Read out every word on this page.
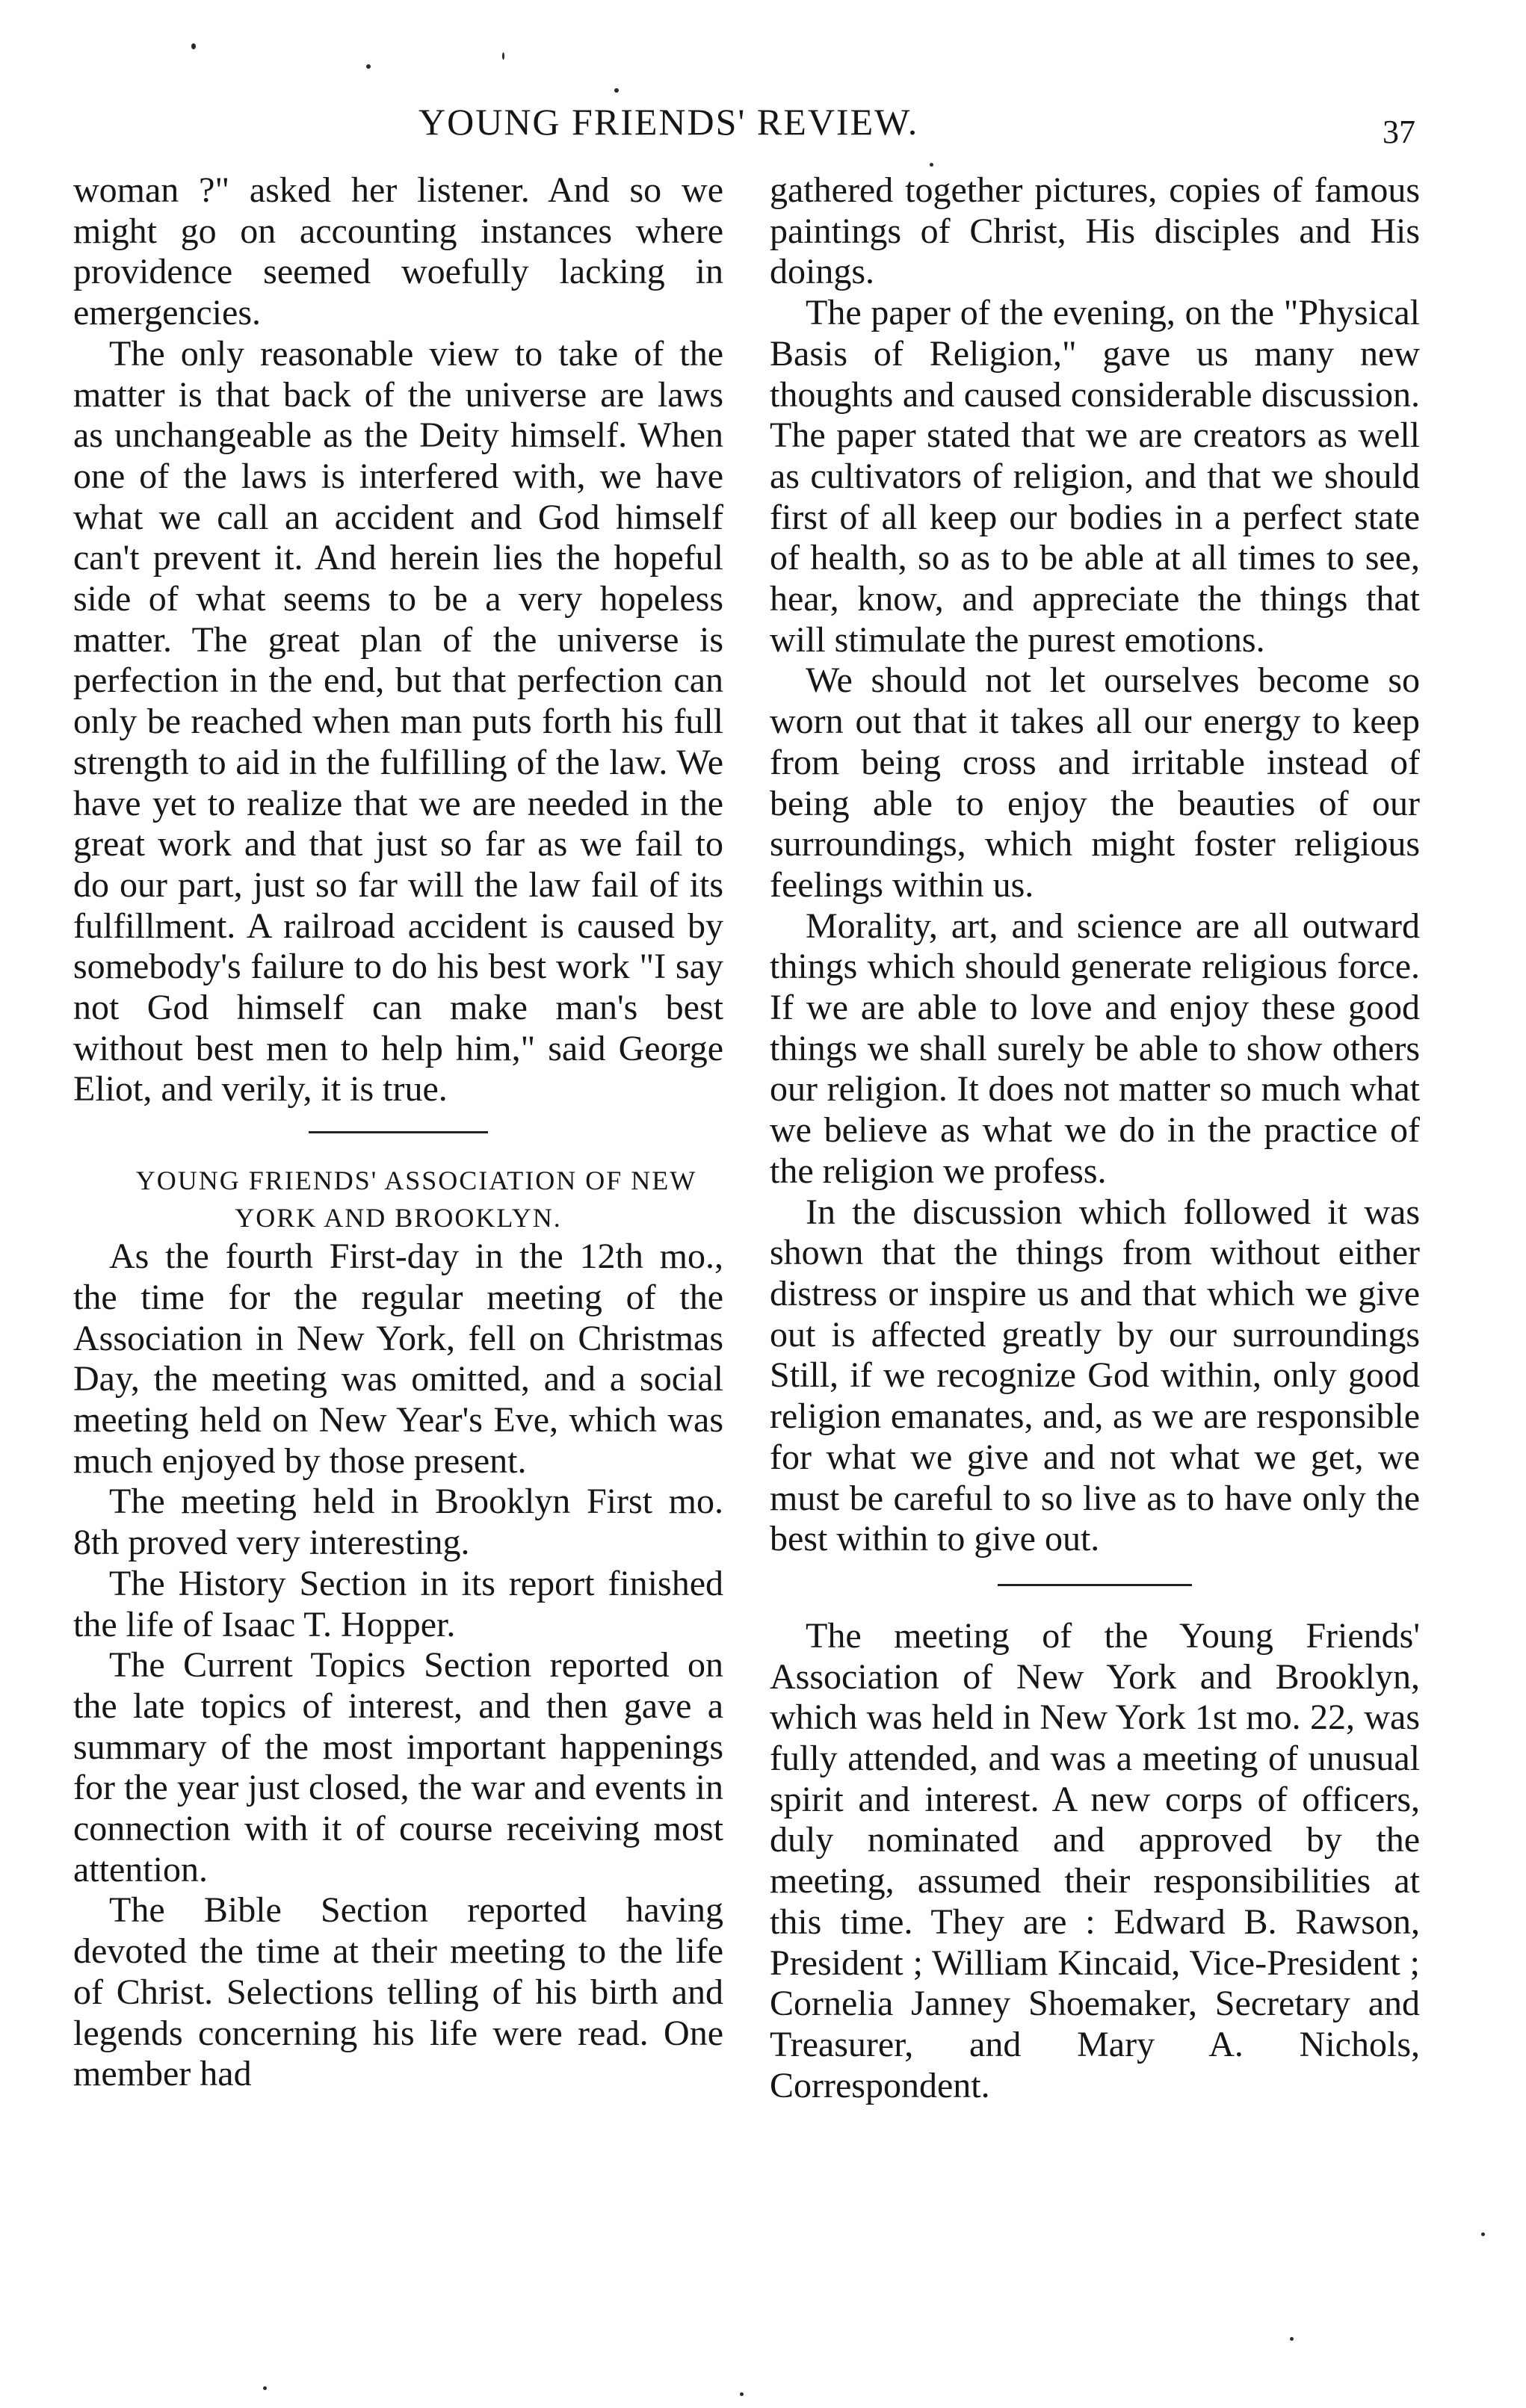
YOUNG FRIENDS' REVIEW.	37

woman ?" asked her listener. And so we might go on accounting instances where providence seemed woefully lacking in emergencies.

The only reasonable view to take of the matter is that back of the universe are laws as unchangeable as the Deity himself. When one of the laws is interfered with, we have what we call an accident and God himself can't prevent it. And herein lies the hopeful side of what seems to be a very hopeless matter. The great plan of the universe is perfection in the end, but that perfection can only be reached when man puts forth his full strength to aid in the fulfilling of the law. We have yet to realize that we are needed in the great work and that just so far as we fail to do our part, just so far will the law fail of its fulfillment. A railroad accident is caused by somebody's failure to do his best work "I say not God himself can make man's best without best men to help him," said George Eliot, and verily, it is true.

YOUNG FRIENDS' ASSOCIATION OF NEW YORK AND BROOKLYN.

As the fourth First-day in the 12th mo., the time for the regular meeting of the Association in New York, fell on Christmas Day, the meeting was omitted, and a social meeting held on New Year's Eve, which was much enjoyed by those present.

The meeting held in Brooklyn First mo. 8th proved very interesting.

The History Section in its report finished the life of Isaac T. Hopper.

The Current Topics Section reported on the late topics of interest, and then gave a summary of the most important happenings for the year just closed, the war and events in connection with it of course receiving most attention.

The Bible Section reported having devoted the time at their meeting to the life of Christ. Selections telling of his birth and legends concerning his life were read. One member had

gathered together pictures, copies of famous paintings of Christ, His disciples and His doings.

The paper of the evening, on the "Physical Basis of Religion," gave us many new thoughts and caused considerable discussion. The paper stated that we are creators as well as cultivators of religion, and that we should first of all keep our bodies in a perfect state of health, so as to be able at all times to see, hear, know, and appreciate the things that will stimulate the purest emotions.

We should not let ourselves become so worn out that it takes all our energy to keep from being cross and irritable instead of being able to enjoy the beauties of our surroundings, which might foster religious feelings within us.

Morality, art, and science are all outward things which should generate religious force. If we are able to love and enjoy these good things we shall surely be able to show others our religion. It does not matter so much what we believe as what we do in the practice of the religion we profess.

In the discussion which followed it was shown that the things from without either distress or inspire us and that which we give out is affected greatly by our surroundings Still, if we recognize God within, only good religion emanates, and, as we are responsible for what we give and not what we get, we must be careful to so live as to have only the best within to give out.

The meeting of the Young Friends' Association of New York and Brooklyn, which was held in New York 1st mo. 22, was fully attended, and was a meeting of unusual spirit and interest. A new corps of officers, duly nominated and approved by the meeting, assumed their responsibilities at this time. They are : Edward B. Rawson, President ; William Kincaid, Vice-President ; Cornelia Janney Shoemaker, Secretary and Treasurer, and Mary A. Nichols, Correspondent.
